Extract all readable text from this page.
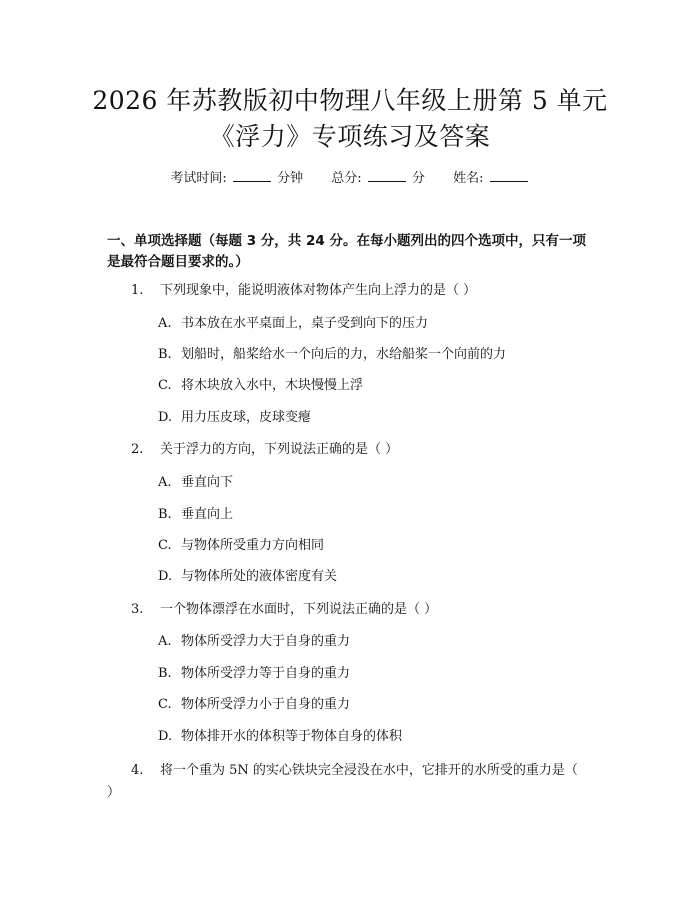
2026 年苏教版初中物理八年级上册第 5 单元
《浮力》专项练习及答案
考试时间:	分钟 总分:	分 姓名:
一、单项选择题（每题 3 分，共 24 分。在每小题列出的四个选项中，只有一项是最符合题目要求的。）
1. 下列现象中，能说明液体对物体产生向上浮力的是（ ）
A. 书本放在水平桌面上，桌子受到向下的压力
B. 划船时，船桨给水一个向后的力，水给船桨一个向前的力
C. 将木块放入水中，木块慢慢上浮
D. 用力压皮球，皮球变瘪
2. 关于浮力的方向，下列说法正确的是（ ）
A. 垂直向下
B. 垂直向上
C. 与物体所受重力方向相同
D. 与物体所处的液体密度有关
3. 一个物体漂浮在水面时，下列说法正确的是（ ）
A. 物体所受浮力大于自身的重力
B. 物体所受浮力等于自身的重力
C. 物体所受浮力小于自身的重力
D. 物体排开水的体积等于物体自身的体积
4. 将一个重为 5N 的实心铁块完全浸没在水中，它排开的水所受的重力是（ ）
